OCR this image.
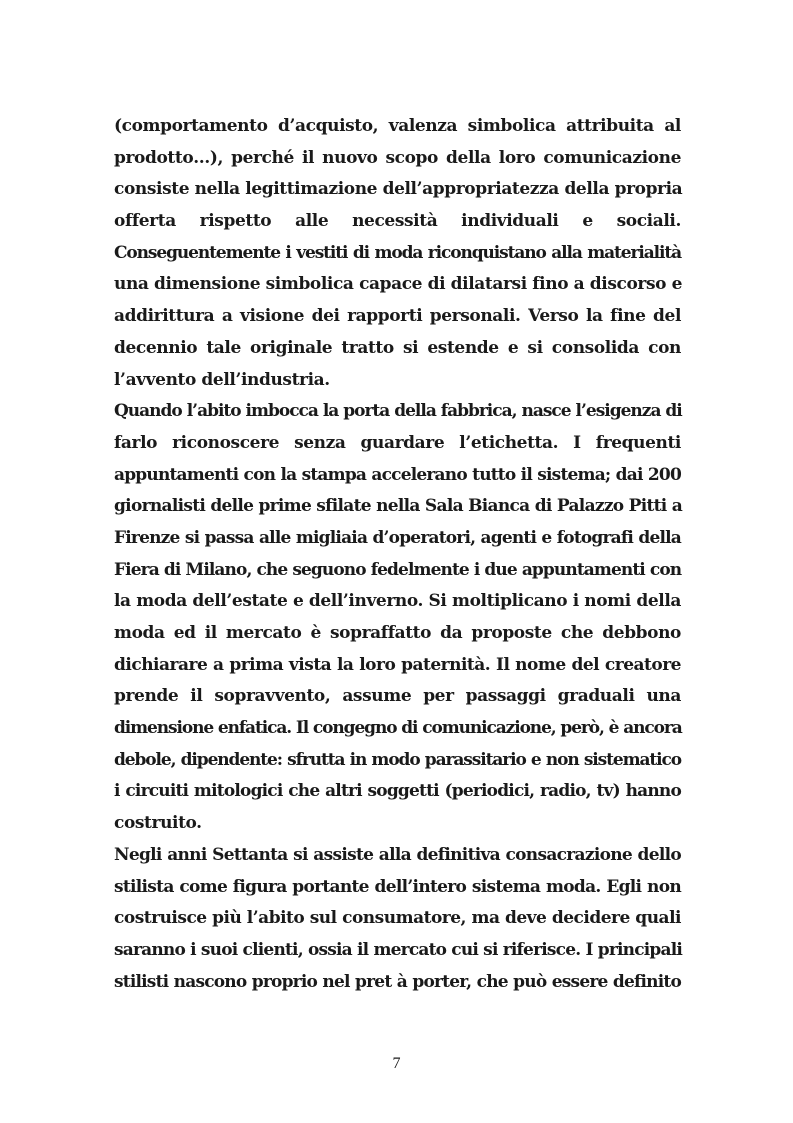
(comportamento d’acquisto, valenza simbolica attribuita al
prodotto…), perché il nuovo scopo della loro comunicazione
consiste nella legittimazione dell’appropriatezza della propria
offerta rispetto alle necessità individuali e sociali.
Conseguentemente i vestiti di moda riconquistano alla materialità
una dimensione simbolica capace di dilatarsi fino a discorso e
addirittura a visione dei rapporti personali. Verso la fine del
decennio tale originale tratto si estende e si consolida con
l’avvento dell’industria.
Quando l’abito imbocca la porta della fabbrica, nasce l’esigenza di
farlo riconoscere senza guardare l’etichetta. I frequenti
appuntamenti con la stampa accelerano tutto il sistema; dai 200
giornalisti delle prime sfilate nella Sala Bianca di Palazzo Pitti a
Firenze si passa alle migliaia d’operatori, agenti e fotografi della
Fiera di Milano, che seguono fedelmente i due appuntamenti con
la moda dell’estate e dell’inverno. Si moltiplicano i nomi della
moda ed il mercato è sopraffatto da proposte che debbono
dichiarare a prima vista la loro paternità. Il nome del creatore
prende il sopravvento, assume per passaggi graduali una
dimensione enfatica. Il congegno di comunicazione, però, è ancora
debole, dipendente: sfrutta in modo parassitario e non sistematico
i circuiti mitologici che altri soggetti (periodici, radio, tv) hanno
costruito.
Negli anni Settanta si assiste alla definitiva consacrazione dello
stilista come figura portante dell’intero sistema moda. Egli non
costruisce più l’abito sul consumatore, ma deve decidere quali
saranno i suoi clienti, ossia il mercato cui si riferisce. I principali
stilisti nascono proprio nel pret à porter, che può essere definito
7
